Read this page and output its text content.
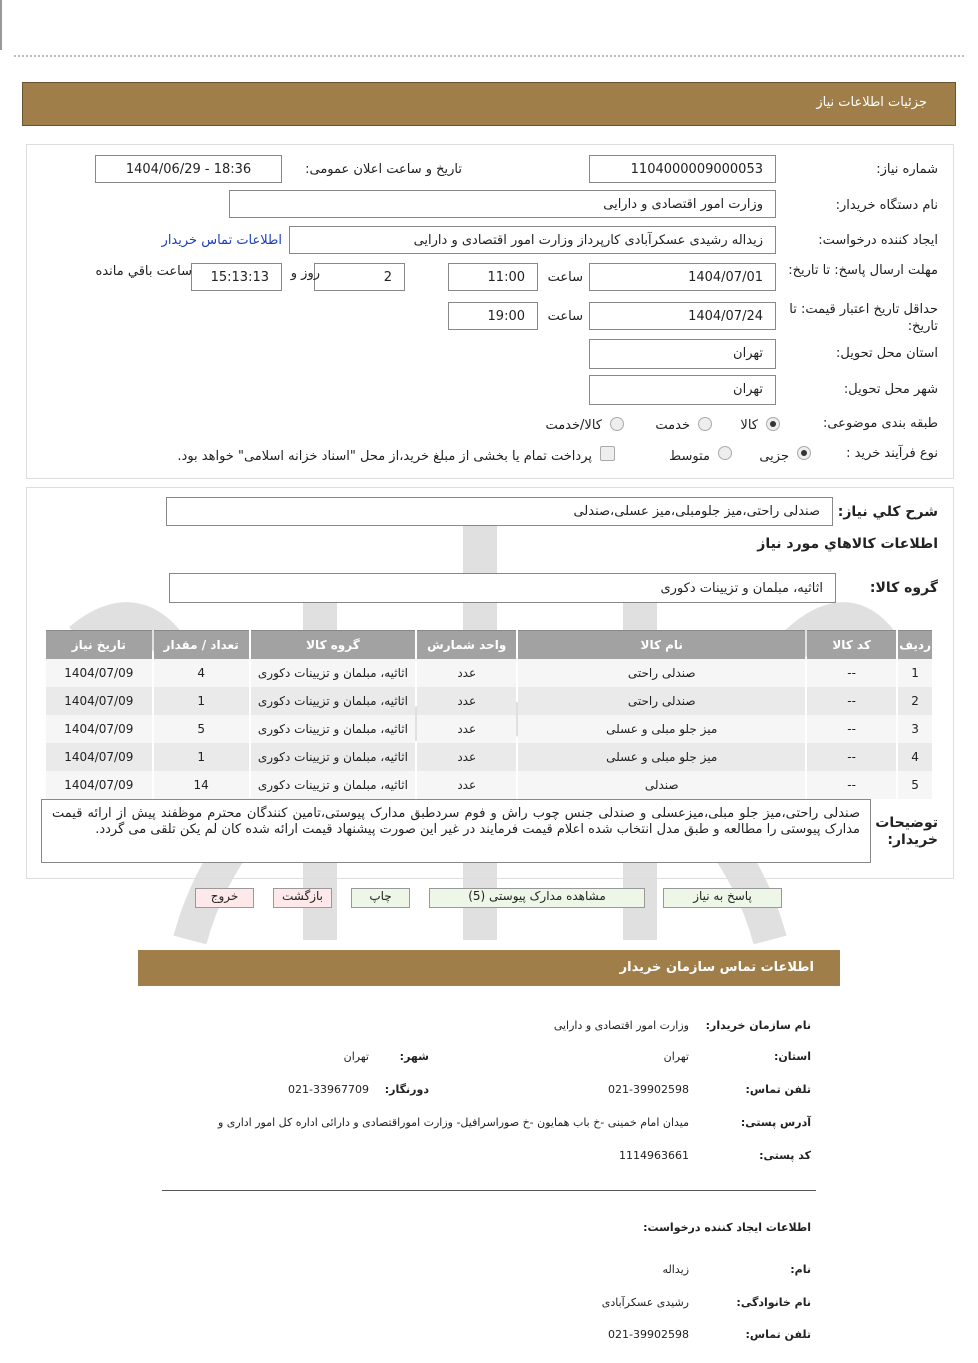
جزئیات اطلاعات نیاز
شماره نیاز:
1104000009000053
تاریخ و ساعت اعلان عمومی:
1404/06/29 - 18:36
نام دستگاه خریدار:
وزارت امور اقتصادی و دارایی
ایجاد کننده درخواست:
زیداله رشیدی عسکرآبادی کارپرداز وزارت امور اقتصادی و دارایی
اطلاعات تماس خریدار
مهلت ارسال پاسخ: تا تاریخ:
1404/07/01
ساعت
11:00
2
روز و
15:13:13
ساعت باقي مانده
حداقل تاریخ اعتبار قیمت: تا تاریخ:
1404/07/24
ساعت
19:00
استان محل تحویل:
تهران
شهر محل تحویل:
تهران
طبقه بندی موضوعی:
کالا
خدمت
کالا/خدمت
نوع فرآیند خرید :
جزیی
متوسط
پرداخت تمام یا بخشی از مبلغ خرید،از محل "اسناد خزانه اسلامی" خواهد بود.
شرح کلي نیاز:
صندلی راحتی،میز جلومبلی،میز عسلی،صندلی
اطلاعات کالاهاي مورد نیاز
گروه کالا:
اثاثیه، مبلمان و تزیینات دکوری
ردیف	کد کالا	نام کالا	واحد شمارش	گروه کالا	تعداد / مقدار	تاریخ نیاز
1	--	صندلی راحتی	عدد	اثاثیه، مبلمان و تزیینات دکوری	4	1404/07/09
2	--	صندلی راحتی	عدد	اثاثیه، مبلمان و تزیینات دکوری	1	1404/07/09
3	--	میز جلو مبلی و عسلی	عدد	اثاثیه، مبلمان و تزیینات دکوری	5	1404/07/09
4	--	میز جلو مبلی و عسلی	عدد	اثاثیه، مبلمان و تزیینات دکوری	1	1404/07/09
5	--	صندلی	عدد	اثاثیه، مبلمان و تزیینات دکوری	14	1404/07/09
توضیحات خریدار:
صندلی راحتی،میز جلو مبلی،میزعسلی و صندلی جنس چوب راش و فوم سردطبق مدارک پیوستی،تامین کنندگان محترم موظفند پیش از ارائه قیمت مدارک پیوستی را مطالعه و طبق مدل انتخاب شده اعلام قیمت فرمایند در غیر این صورت پیشنهاد قیمت ارائه شده کان لم یکن تلقی می گردد.
پاسخ به نیاز
مشاهده مدارک پیوستی (5)
چاپ
بازگشت
خروج
اطلاعات تماس سازمان خریدار
نام سازمان خریدار:
وزارت امور اقتصادی و دارایی
استان:
تهران
شهر:
تهران
تلفن تماس:
021-39902598
دورنگار:
021-33967709
آدرس پستی:
میدان امام خمینی -خ باب همایون -خ صوراسرافیل- وزارت اموراقتصادی و دارائی اداره کل امور اداری و
کد پستی:
1114963661
اطلاعات ایجاد کننده درخواست:
نام:
زیداله
نام خانوادگی:
رشیدی عسکرآبادی
تلفن تماس:
021-39902598
